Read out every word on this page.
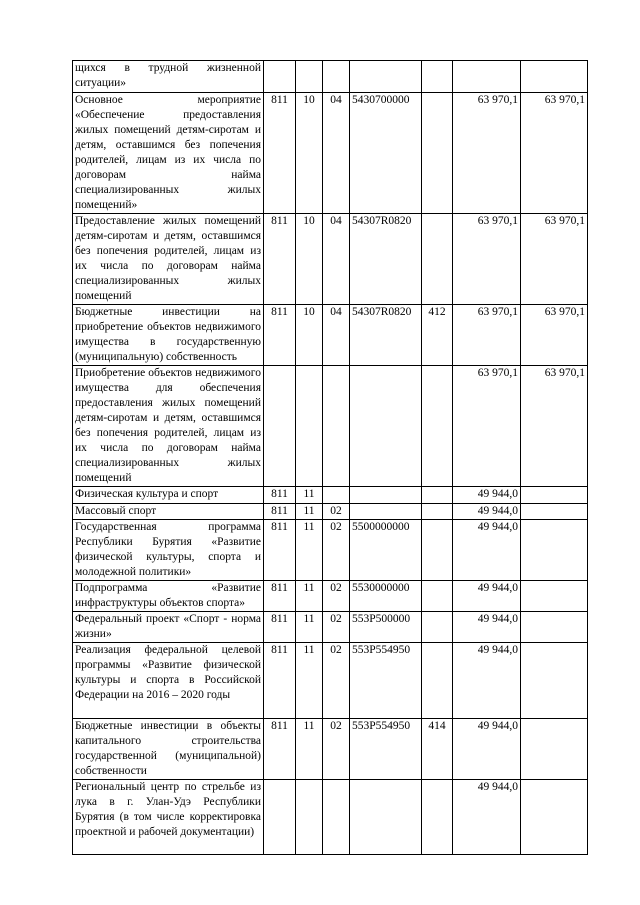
щихся в трудной жизненной ситуации»							
Основное мероприятие «Обеспечение предоставления жилых помещений детям-сиротам и детям, оставшимся без попечения родителей, лицам из их числа по договорам найма специализированных жилых помещений»	811	10	04	5430700000		63 970,1	63 970,1
Предоставление жилых помещений детям-сиротам и детям, оставшимся без попечения родителей, лицам из их числа по договорам найма специализированных жилых помещений	811	10	04	54307R0820		63 970,1	63 970,1
Бюджетные инвестиции на приобретение объектов недвижимого имущества в государственную (муниципальную) собственность	811	10	04	54307R0820	412	63 970,1	63 970,1
Приобретение объектов недвижимого имущества для обеспечения предоставления жилых помещений детям-сиротам и детям, оставшимся без попечения родителей, лицам из их числа по договорам найма специализированных жилых помещений						63 970,1	63 970,1
Физическая культура и спорт	811	11				49 944,0	
Массовый спорт	811	11	02			49 944,0	
Государственная программа Республики Бурятия «Развитие физической культуры, спорта и молодежной политики»	811	11	02	5500000000		49 944,0	
Подпрограмма «Развитие инфраструктуры объектов спорта»	811	11	02	5530000000		49 944,0	
Федеральный проект «Спорт - норма жизни»	811	11	02	553P500000		49 944,0	
Реализация федеральной целевой программы «Развитие физической культуры и спорта в Российской Федерации на 2016 – 2020 годы	811	11	02	553P554950		49 944,0	
Бюджетные инвестиции в объекты капитального строительства государственной (муниципальной) собственности	811	11	02	553P554950	414	49 944,0	
Региональный центр по стрельбе из лука в г. Улан-Удэ Республики Бурятия (в том числе корректировка проектной и рабочей документации)						49 944,0	
